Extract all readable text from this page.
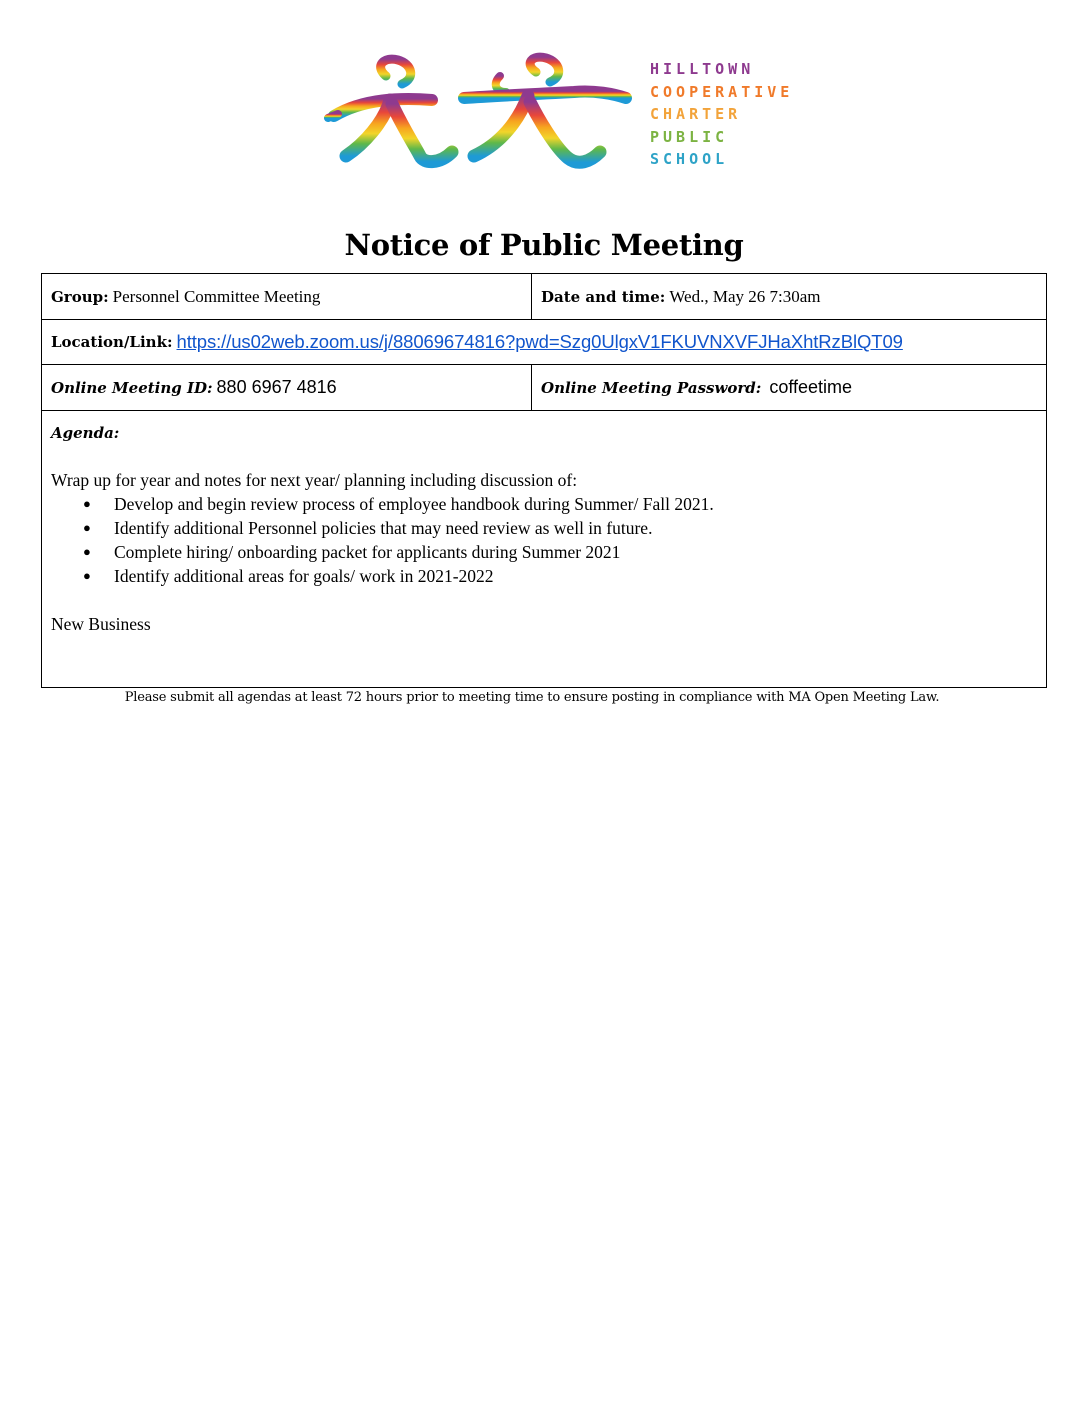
HILLTOWN
COOPERATIVE
CHARTER
PUBLIC
SCHOOL
Notice of Public Meeting
Group: Personnel Committee Meeting	Date and time: Wed., May 26 7:30am
Location/Link: https://us02web.zoom.us/j/88069674816?pwd=Szg0UlgxV1FKUVNXVFJHaXhtRzBlQT09
Online Meeting ID: 880 6967 4816	Online Meeting Password: coffeetime
Agenda:
Wrap up for year and notes for next year/ planning including discussion of:
● Develop and begin review process of employee handbook during Summer/ Fall 2021.
● Identify additional Personnel policies that may need review as well in future.
● Complete hiring/ onboarding packet for applicants during Summer 2021
● Identify additional areas for goals/ work in 2021-2022
New Business
Please submit all agendas at least 72 hours prior to meeting time to ensure posting in compliance with MA Open Meeting Law.
